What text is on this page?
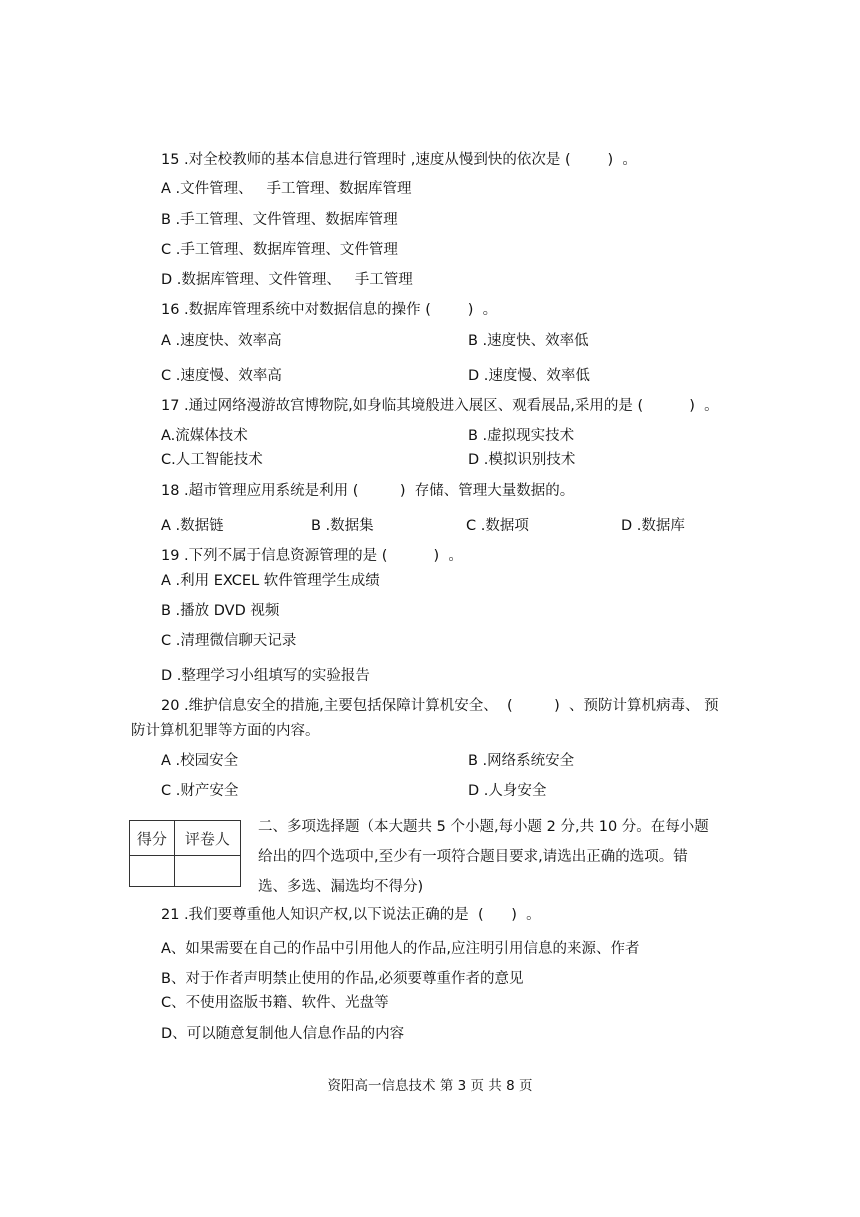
15 .对全校教师的基本信息进行管理时 ,速度从慢到快的依次是 (        )  。
A .文件管理、   手工管理、数据库管理
B .手工管理、文件管理、数据库管理
C .手工管理、数据库管理、文件管理
D .数据库管理、文件管理、   手工管理
16 .数据库管理系统中对数据信息的操作 (        )  。
A .速度快、效率高	B .速度快、效率低
C .速度慢、效率高	D .速度慢、效率低
17 .通过网络漫游故宫博物院,如身临其境般进入展区、观看展品,采用的是 (          )  。
A.流媒体技术	B .虚拟现实技术
C.人工智能技术	D .模拟识别技术
18 .超市管理应用系统是利用 (         )  存储、管理大量数据的。
A .数据链	B .数据集	C .数据项	D .数据库
19 .下列不属于信息资源管理的是 (          )  。
A .利用 EXCEL 软件管理学生成绩
B .播放 DVD 视频
C .清理微信聊天记录
D .整理学习小组填写的实验报告
20 .维护信息安全的措施,主要包括保障计算机安全、  (         )  、预防计算机病毒、 预
防计算机犯罪等方面的内容。
A .校园安全	B .网络系统安全
C .财产安全	D .人身安全
得分	评卷人

二、多项选择题（本大题共 5 个小题,每小题 2 分,共 10 分。在每小题
给出的四个选项中,至少有一项符合题目要求,请选出正确的选项。错
选、多选、漏选均不得分)
21 .我们要尊重他人知识产权,以下说法正确的是  (      )  。
A、如果需要在自己的作品中引用他人的作品,应注明引用信息的来源、作者
B、对于作者声明禁止使用的作品,必须要尊重作者的意见
C、不使用盗版书籍、软件、光盘等
D、可以随意复制他人信息作品的内容
资阳高一信息技术 第 3 页 共 8 页
